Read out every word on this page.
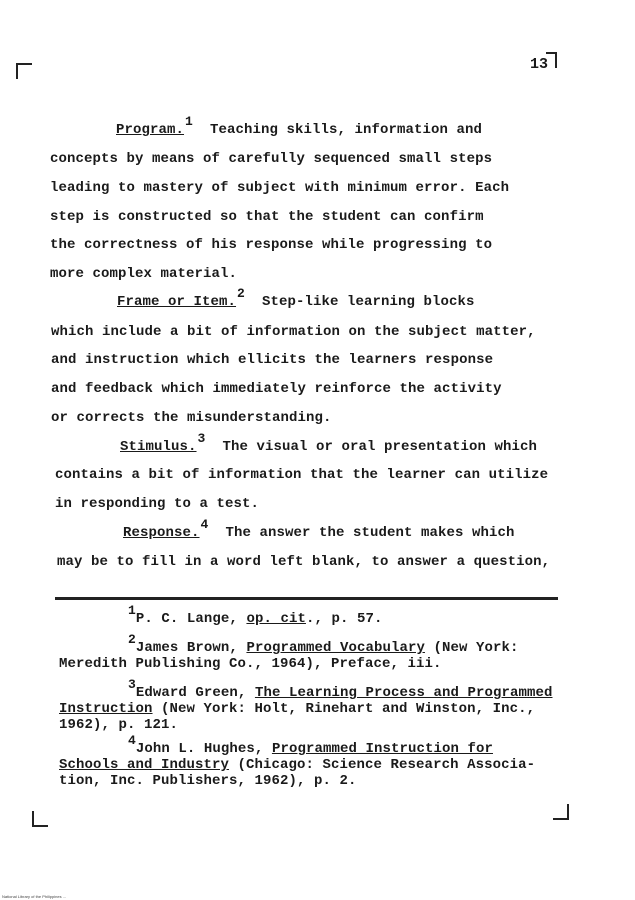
13
Program.1  Teaching skills, information and
concepts by means of carefully sequenced small steps
leading to mastery of subject with minimum error. Each
step is constructed so that the student can confirm
the correctness of his response while progressing to
more complex material.
Frame or Item.2  Step-like learning blocks
which include a bit of information on the subject matter,
and instruction which ellicits the learners response
and feedback which immediately reinforce the activity
or corrects the misunderstanding.
Stimulus.3  The visual or oral presentation which
contains a bit of information that the learner can utilize
in responding to a test.
Response.4  The answer the student makes which
may be to fill in a word left blank, to answer a question,
1P. C. Lange, op. cit., p. 57.
2James Brown, Programmed Vocabulary (New York:
Meredith Publishing Co., 1964), Preface, iii.
3Edward Green, The Learning Process and Programmed
Instruction (New York: Holt, Rinehart and Winston, Inc.,
1962), p. 121.
4John L. Hughes, Programmed Instruction for
Schools and Industry (Chicago: Science Research Associa-
tion, Inc. Publishers, 1962), p. 2.
National Library of the Philippines ...
